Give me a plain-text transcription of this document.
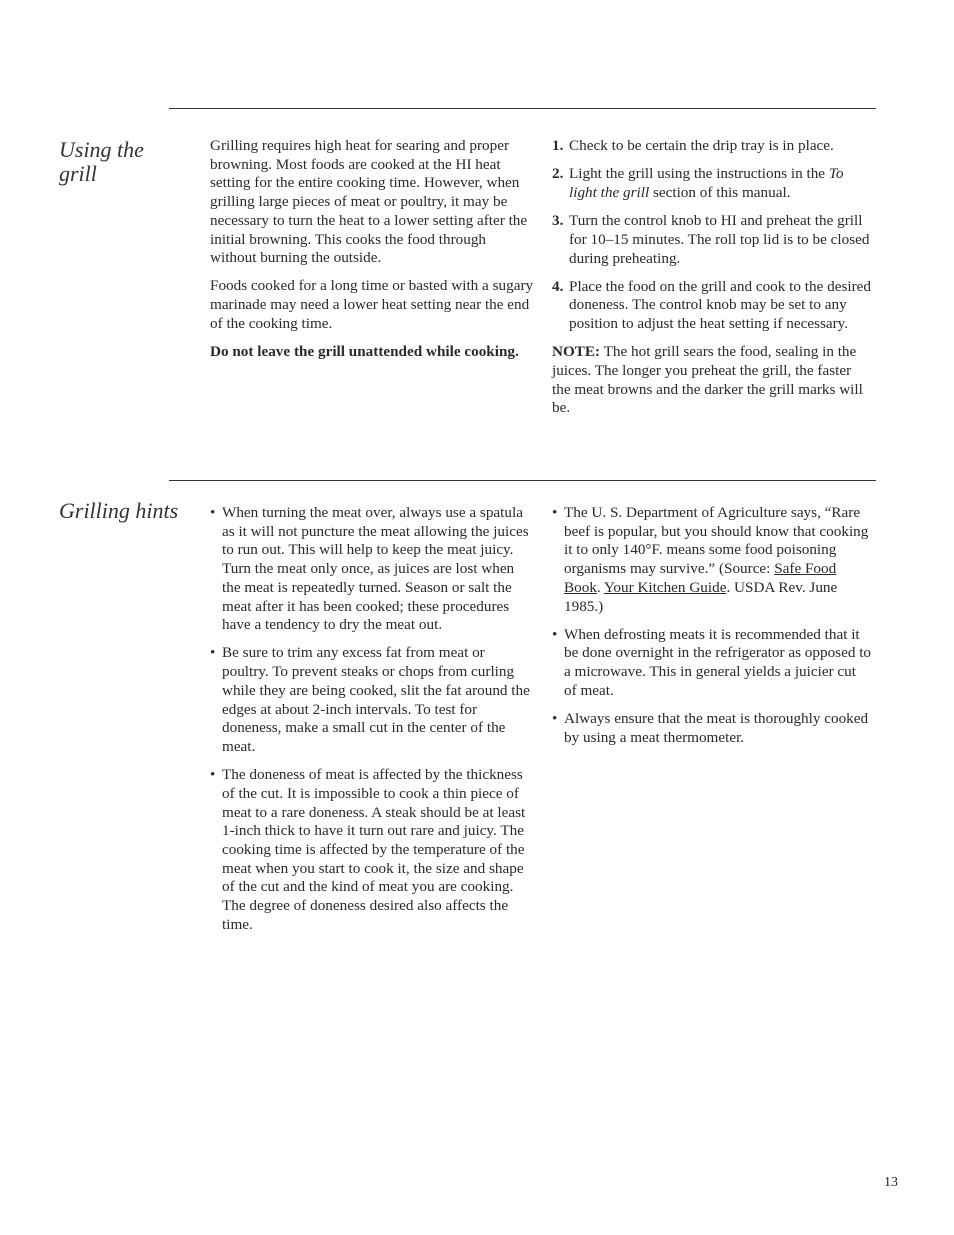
Using the grill

Grilling requires high heat for searing and proper browning. Most foods are cooked at the HI heat setting for the entire cooking time. However, when grilling large pieces of meat or poultry, it may be necessary to turn the heat to a lower setting after the initial browning. This cooks the food through without burning the outside.

Foods cooked for a long time or basted with a sugary marinade may need a lower heat setting near the end of the cooking time.

Do not leave the grill unattended while cooking.

1. Check to be certain the drip tray is in place.
2. Light the grill using the instructions in the To light the grill section of this manual.
3. Turn the control knob to HI and preheat the grill for 10–15 minutes. The roll top lid is to be closed during preheating.
4. Place the food on the grill and cook to the desired doneness. The control knob may be set to any position to adjust the heat setting if necessary.

NOTE: The hot grill sears the food, sealing in the juices. The longer you preheat the grill, the faster the meat browns and the darker the grill marks will be.

Grilling hints • When turning the meat over, always use a spatula as it will not puncture the meat allowing the juices to run out. This will help to keep the meat juicy. Turn the meat only once, as juices are lost when the meat is repeatedly turned. Season or salt the meat after it has been cooked; these procedures have a tendency to dry the meat out.
• Be sure to trim any excess fat from meat or poultry. To prevent steaks or chops from curling while they are being cooked, slit the fat around the edges at about 2-inch intervals. To test for doneness, make a small cut in the center of the meat.
• The doneness of meat is affected by the thickness of the cut. It is impossible to cook a thin piece of meat to a rare doneness. A steak should be at least 1-inch thick to have it turn out rare and juicy. The cooking time is affected by the temperature of the meat when you start to cook it, the size and shape of the cut and the kind of meat you are cooking. The degree of doneness desired also affects the time.
• The U. S. Department of Agriculture says, “Rare beef is popular, but you should know that cooking it to only 140°F. means some food poisoning organisms may survive.” (Source: Safe Food Book. Your Kitchen Guide. USDA Rev. June 1985.)
• When defrosting meats it is recommended that it be done overnight in the refrigerator as opposed to a microwave. This in general yields a juicier cut of meat.
• Always ensure that the meat is thoroughly cooked by using a meat thermometer.
13
